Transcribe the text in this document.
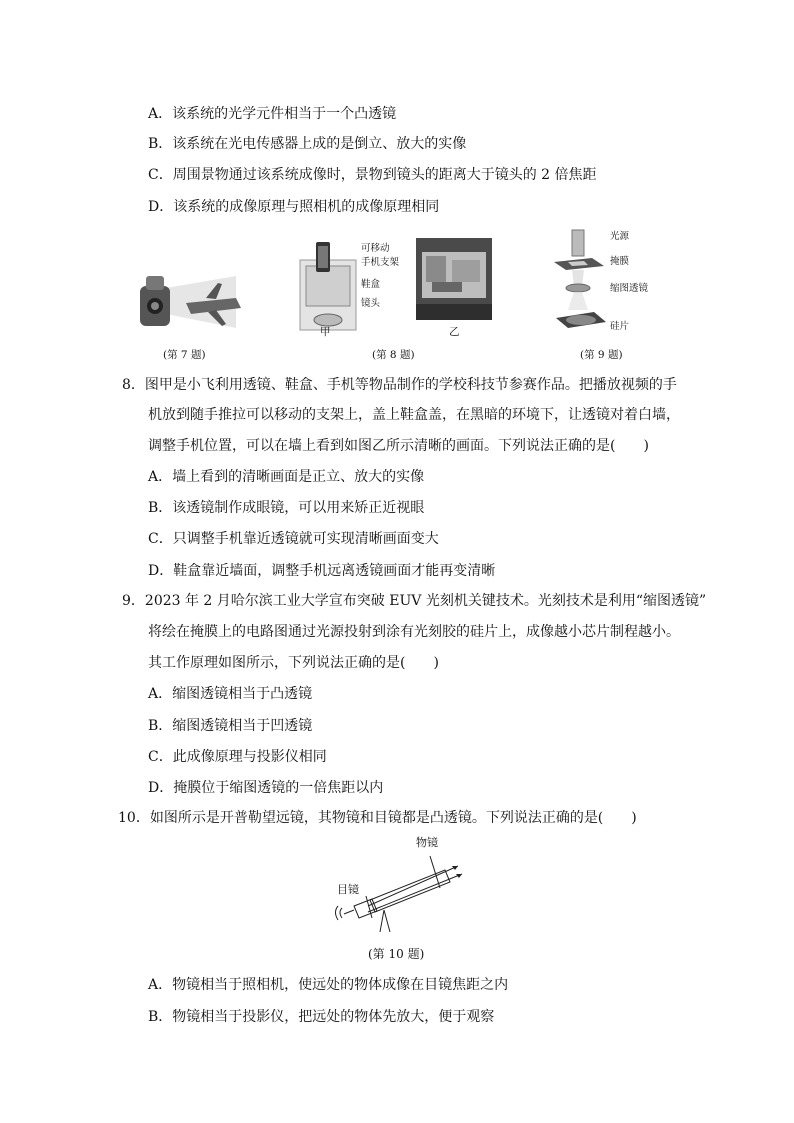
A．该系统的光学元件相当于一个凸透镜
B．该系统在光电传感器上成的是倒立、放大的实像
C．周围景物通过该系统成像时，景物到镜头的距离大于镜头的 2 倍焦距
D．该系统的成像原理与照相机的成像原理相同
(第 7 题)
可移动
手机支架
鞋盒
镜头
甲	乙
(第 8 题)
光源
掩膜
缩图透镜
硅片
(第 9 题)
8．图甲是小飞利用透镜、鞋盒、手机等物品制作的学校科技节参赛作品。把播放视频的手
机放到随手推拉可以移动的支架上，盖上鞋盒盖，在黑暗的环境下，让透镜对着白墙，
调整手机位置，可以在墙上看到如图乙所示清晰的画面。下列说法正确的是(　　)
A．墙上看到的清晰画面是正立、放大的实像
B．该透镜制作成眼镜，可以用来矫正近视眼
C．只调整手机靠近透镜就可实现清晰画面变大
D．鞋盒靠近墙面，调整手机远离透镜画面才能再变清晰
9．2023 年 2 月哈尔滨工业大学宣布突破 EUV 光刻机关键技术。光刻技术是利用“缩图透镜”
将绘在掩膜上的电路图通过光源投射到涂有光刻胶的硅片上，成像越小芯片制程越小。
其工作原理如图所示，下列说法正确的是(　　)
A．缩图透镜相当于凸透镜
B．缩图透镜相当于凹透镜
C．此成像原理与投影仪相同
D．掩膜位于缩图透镜的一倍焦距以内
10．如图所示是开普勒望远镜，其物镜和目镜都是凸透镜。下列说法正确的是(　　)
物镜
目镜
(第 10 题)
A．物镜相当于照相机，使远处的物体成像在目镜焦距之内
B．物镜相当于投影仪，把远处的物体先放大，便于观察
